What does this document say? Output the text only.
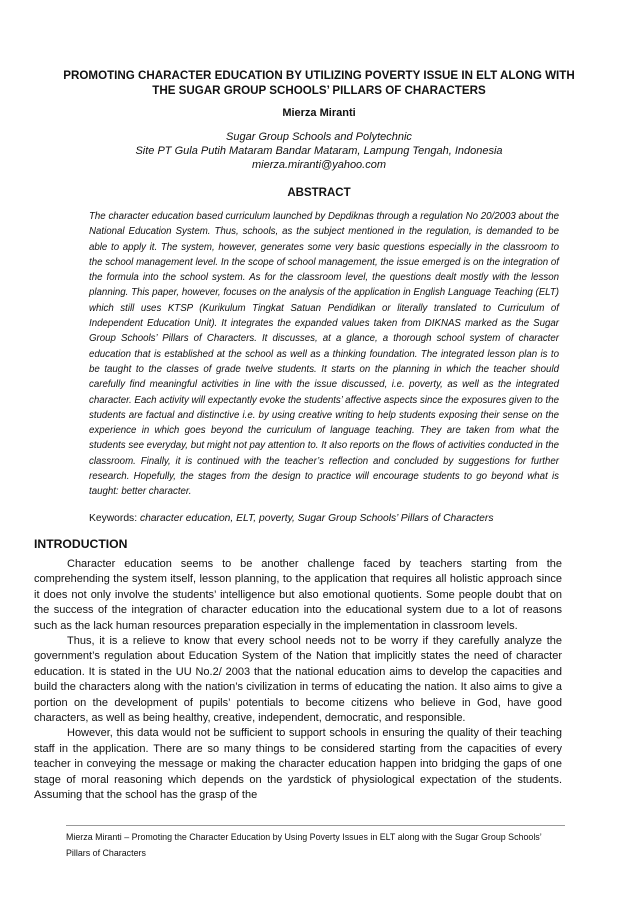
PROMOTING CHARACTER EDUCATION BY UTILIZING POVERTY ISSUE IN ELT ALONG WITH THE SUGAR GROUP SCHOOLS’ PILLARS OF CHARACTERS

Mierza Miranti

Sugar Group Schools and Polytechnic
Site PT Gula Putih Mataram Bandar Mataram, Lampung Tengah, Indonesia
mierza.miranti@yahoo.com
ABSTRACT

The character education based curriculum launched by Depdiknas through a regulation No 20/2003 about the National Education System. Thus, schools, as the subject mentioned in the regulation, is demanded to be able to apply it. The system, however, generates some very basic questions especially in the classroom to the school management level. In the scope of school management, the issue emerged is on the integration of the formula into the school system. As for the classroom level, the questions dealt mostly with the lesson planning. This paper, however, focuses on the analysis of the application in English Language Teaching (ELT) which still uses KTSP (Kurikulum Tingkat Satuan Pendidikan or literally translated to Curriculum of Independent Education Unit). It integrates the expanded values taken from DIKNAS marked as the Sugar Group Schools’ Pillars of Characters. It discusses, at a glance, a thorough school system of character education that is established at the school as well as a thinking foundation. The integrated lesson plan is to be taught to the classes of grade twelve students. It starts on the planning in which the teacher should carefully find meaningful activities in line with the issue discussed, i.e. poverty, as well as the integrated character. Each activity will expectantly evoke the students’ affective aspects since the exposures given to the students are factual and distinctive i.e. by using creative writing to help students exposing their sense on the experience in which goes beyond the curriculum of language teaching. They are taken from what the students see everyday, but might not pay attention to. It also reports on the flows of activities conducted in the classroom. Finally, it is continued with the teacher’s reflection and concluded by suggestions for further research. Hopefully, the stages from the design to practice will encourage students to go beyond what is taught: better character.

Keywords: character education, ELT, poverty, Sugar Group Schools’ Pillars of Characters

INTRODUCTION

Character education seems to be another challenge faced by teachers starting from the comprehending the system itself, lesson planning, to the application that requires all holistic approach since it does not only involve the students’ intelligence but also emotional quotients. Some people doubt that on the success of the integration of character education into the educational system due to a lot of reasons such as the lack human resources preparation especially in the implementation in classroom levels.

Thus, it is a relieve to know that every school needs not to be worry if they carefully analyze the government’s regulation about Education System of the Nation that implicitly states the need of character education. It is stated in the UU No.2/ 2003 that the national education aims to develop the capacities and build the characters along with the nation’s civilization in terms of educating the nation. It also aims to give a portion on the development of pupils’ potentials to become citizens who believe in God, have good characters, as well as being healthy, creative, independent, democratic, and responsible.

However, this data would not be sufficient to support schools in ensuring the quality of their teaching staff in the application. There are so many things to be considered starting from the capacities of every teacher in conveying the message or making the character education happen into bridging the gaps of one stage of moral reasoning which depends on the yardstick of physiological expectation of the students. Assuming that the school has the grasp of the

Mierza Miranti – Promoting the Character Education by Using Poverty Issues in ELT along with the Sugar Group Schools’ Pillars of Characters
